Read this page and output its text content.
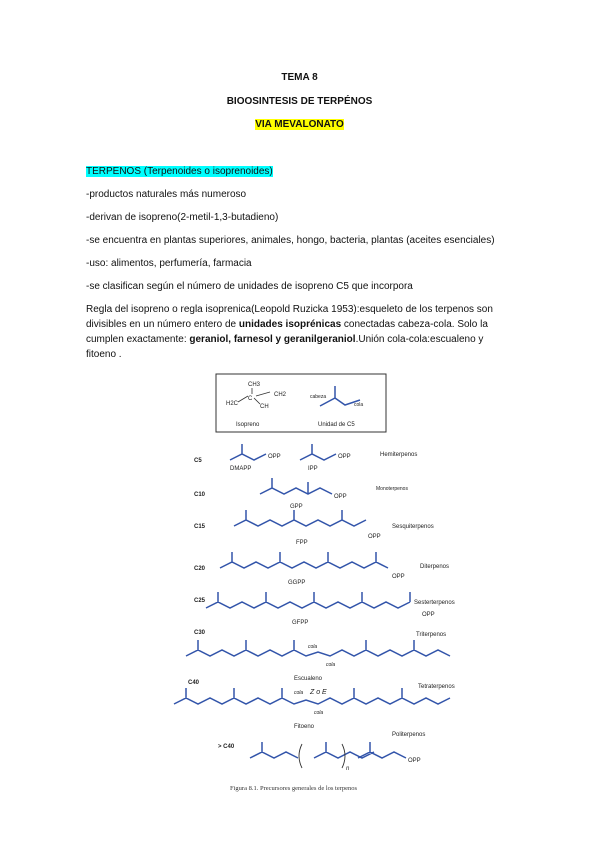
TEMA 8
BIOOSINTESIS DE TERPÉNOS
VIA MEVALONATO
TERPENOS (Terpenoides o isoprenoides)
-productos naturales más numeroso
-derivan de isopreno(2-metil-1,3-butadieno)
-se encuentra en plantas superiores, animales, hongo, bacteria, plantas (aceites esenciales)
-uso: alimentos, perfumería, farmacia
-se clasifican según el número de unidades de isopreno C5 que incorpora
Regla del isopreno o regla isoprenica(Leopold Ruzicka 1953):esqueleto de los terpenos son divisibles en un número entero de unidades isoprénicas conectadas cabeza-cola. Solo la cumplen exactamente: geraniol, farnesol y geranilgeraniol.Unión cola-cola:escualeno y fitoeno .
CH3
CH2
H2C
C
CH
Isopreno
cabeza
cola
Unidad de C5
C5
OPP	OPP
DMAPP	IPP
Hemiterpenos
C10	OPP
GPP
Monoterpenos
C15
OPP
FPP
Sesquiterpenos
C20
OPP
GGPP
Diterpenos
C25
OPP
GFPP
Sesterterpenos
C30
cola
cola
Escualeno
Triterpenos
C40
cola Z o E
cola
Fitoeno
Tetraterpenos
> C40
n
OPP
Politerpenos
Figura 8.1. Precursores generales de los terpenos
